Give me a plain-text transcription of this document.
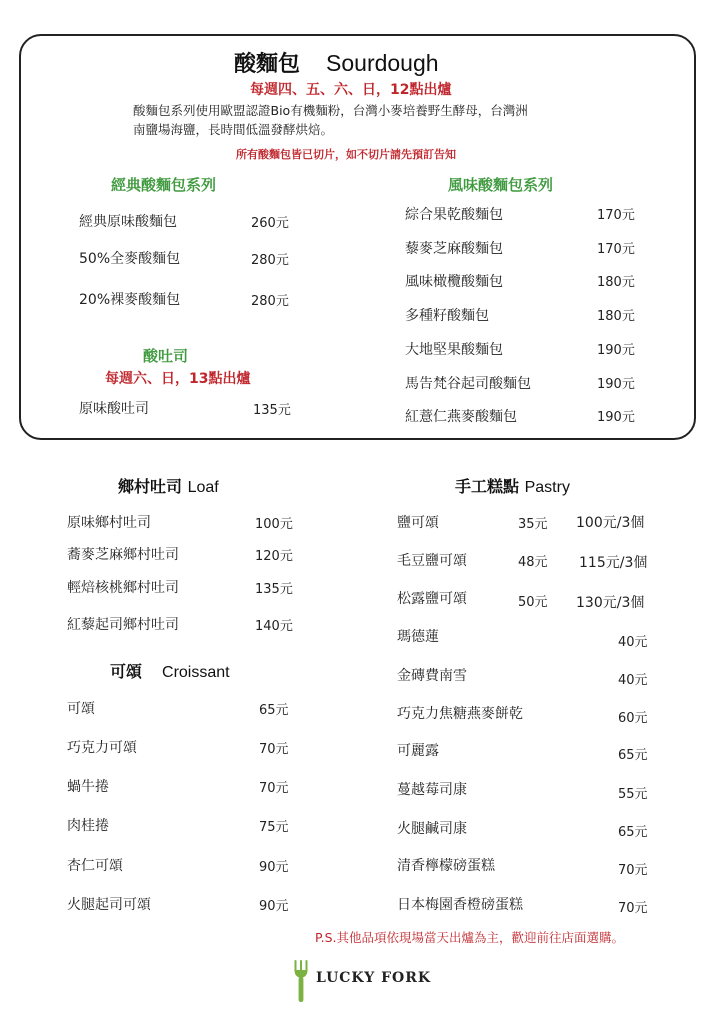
酸麵包 Sourdough
每週四、五、六、日，12點出爐
酸麵包系列使用歐盟認證Bio有機麵粉，台灣小麥培養野生酵母，台灣洲
南鹽場海鹽，長時間低溫發酵烘焙。
所有酸麵包皆已切片，如不切片請先預訂告知
經典酸麵包系列
經典原味酸麵包	260元
50%全麥酸麵包	280元
20%裸麥酸麵包	280元
酸吐司
每週六、日，13點出爐
原味酸吐司	135元
風味酸麵包系列
綜合果乾酸麵包	170元
藜麥芝麻酸麵包	170元
風味橄欖酸麵包	180元
多種籽酸麵包	180元
大地堅果酸麵包	190元
馬告梵谷起司酸麵包	190元
紅薏仁燕麥酸麵包	190元
鄉村吐司 Loaf
原味鄉村吐司	100元
蕎麥芝麻鄉村吐司	120元
輕焙核桃鄉村吐司	135元
紅藜起司鄉村吐司	140元
可頌 Croissant
可頌	65元
巧克力可頌	70元
蝸牛捲	70元
肉桂捲	75元
杏仁可頌	90元
火腿起司可頌	90元
手工糕點 Pastry
鹽可頌	35元 100元/3個
毛豆鹽可頌	48元 115元/3個
松露鹽可頌	50元 130元/3個
瑪德蓮	40元
金磚費南雪	40元
巧克力焦糖燕麥餅乾	60元
可麗露	65元
蔓越莓司康	55元
火腿鹹司康	65元
清香檸檬磅蛋糕	70元
日本梅園香橙磅蛋糕	70元
P.S.其他品項依現場當天出爐為主，歡迎前往店面選購。
LUCKY FORK
